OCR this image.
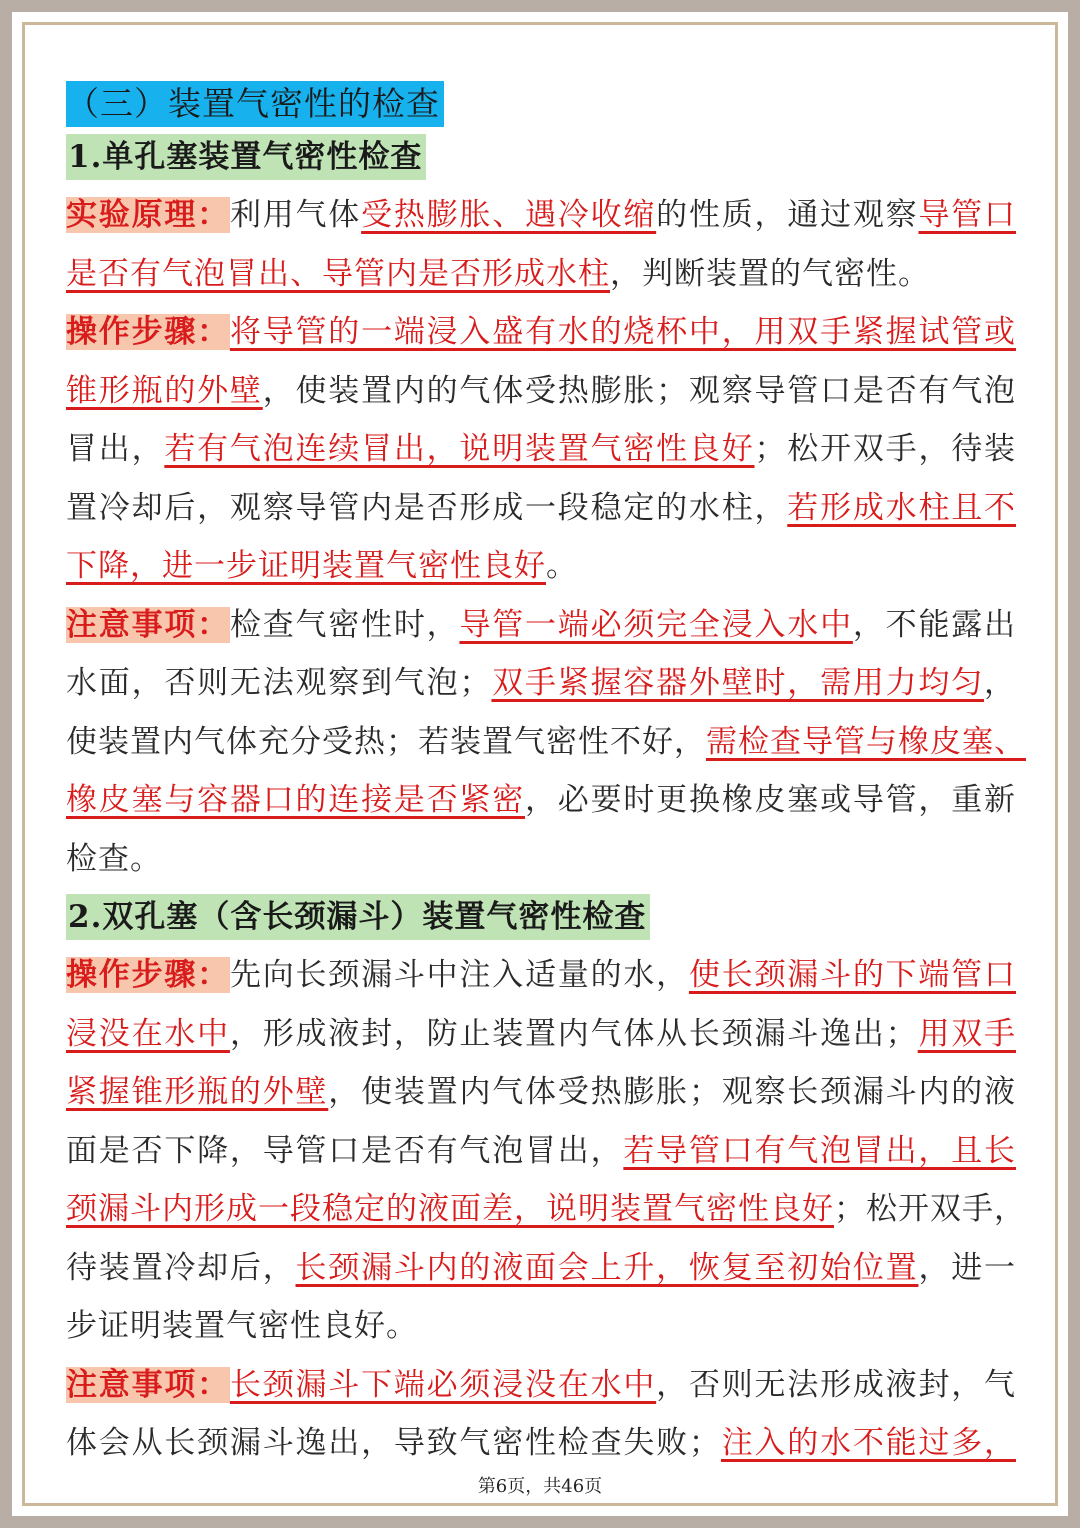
（三）装置气密性的检查
1.单孔塞装置气密性检查
实验原理：利用气体受热膨胀、遇冷收缩的性质，通过观察导管口
是否有气泡冒出、导管内是否形成水柱，判断装置的气密性。
操作步骤：将导管的一端浸入盛有水的烧杯中，用双手紧握试管或
锥形瓶的外壁，使装置内的气体受热膨胀；观察导管口是否有气泡
冒出，若有气泡连续冒出，说明装置气密性良好；松开双手，待装
置冷却后，观察导管内是否形成一段稳定的水柱，若形成水柱且不
下降，进一步证明装置气密性良好。
注意事项：检查气密性时，导管一端必须完全浸入水中，不能露出
水面，否则无法观察到气泡；双手紧握容器外壁时，需用力均匀，
使装置内气体充分受热；若装置气密性不好，需检查导管与橡皮塞、
橡皮塞与容器口的连接是否紧密，必要时更换橡皮塞或导管，重新
检查。
2.双孔塞（含长颈漏斗）装置气密性检查
操作步骤：先向长颈漏斗中注入适量的水，使长颈漏斗的下端管口
浸没在水中，形成液封，防止装置内气体从长颈漏斗逸出；用双手
紧握锥形瓶的外壁，使装置内气体受热膨胀；观察长颈漏斗内的液
面是否下降，导管口是否有气泡冒出，若导管口有气泡冒出，且长
颈漏斗内形成一段稳定的液面差，说明装置气密性良好；松开双手，
待装置冷却后，长颈漏斗内的液面会上升，恢复至初始位置，进一
步证明装置气密性良好。
注意事项：长颈漏斗下端必须浸没在水中，否则无法形成液封，气
体会从长颈漏斗逸出，导致气密性检查失败；注入的水不能过多，
第6页，共46页
